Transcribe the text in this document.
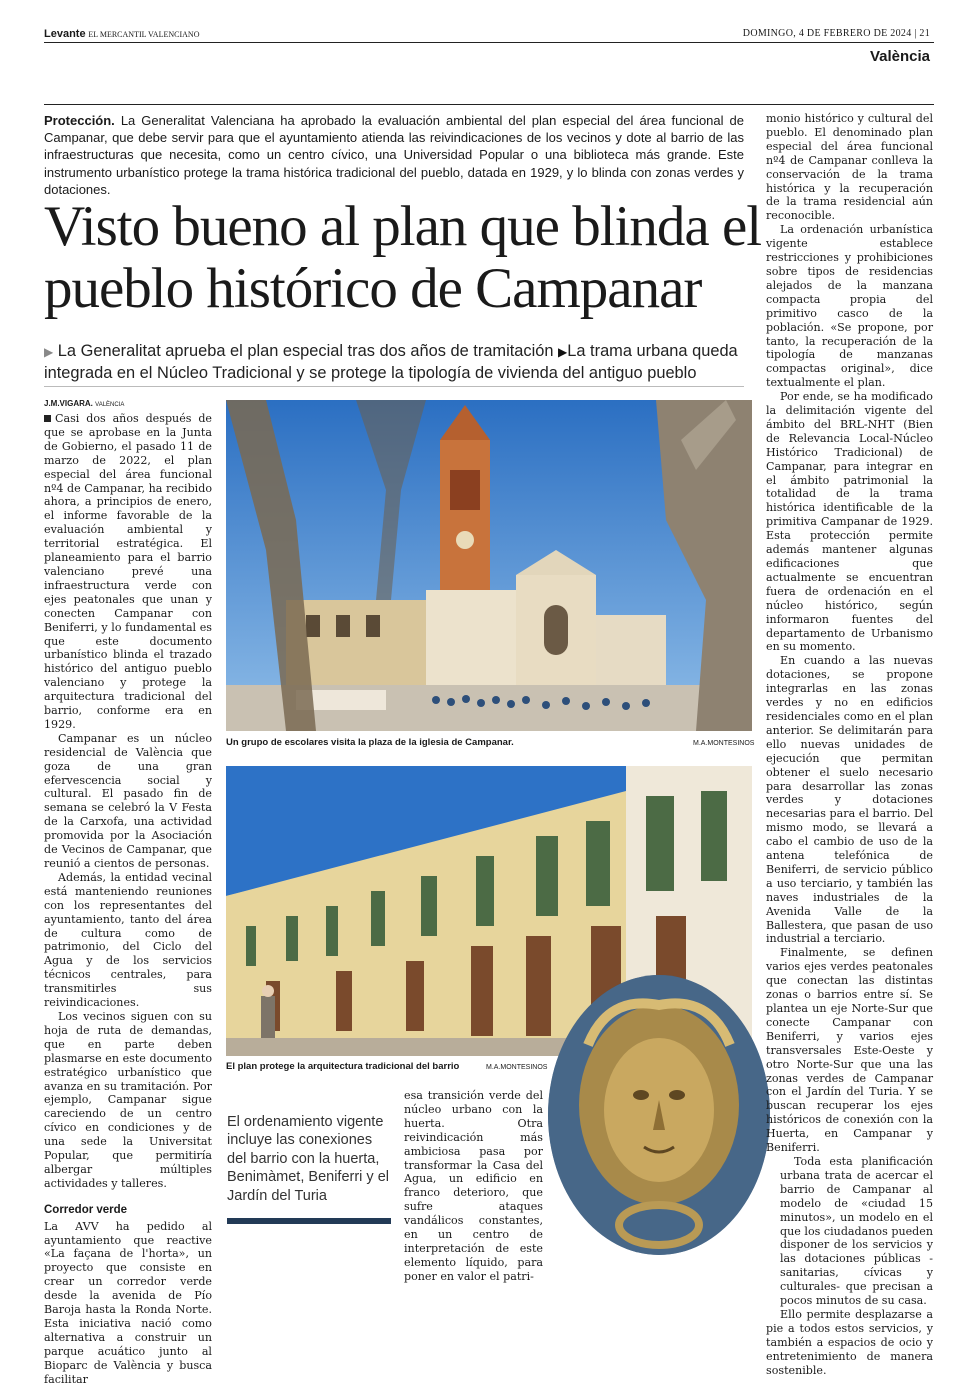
Levante EL MERCANTIL VALENCIANO	DOMINGO, 4 DE FEBRERO DE 2024 | 21
València
Protección. La Generalitat Valenciana ha aprobado la evaluación ambiental del plan especial del área funcional de Campanar, que debe servir para que el ayuntamiento atienda las reivindicaciones de los vecinos y dote al barrio de las infraestructuras que necesita, como un centro cívico, una Universidad Popular o una biblioteca más grande. Este instrumento urbanístico protege la trama histórica tradicional del pueblo, datada en 1929, y lo blinda con zonas verdes y dotaciones.
Visto bueno al plan que blinda el pueblo histórico de Campanar
▶ La Generalitat aprueba el plan especial tras dos años de tramitación ▶La trama urbana queda integrada en el Núcleo Tradicional y se protege la tipología de vivienda del antiguo pueblo
J.M.VIGARA. VALÈNCIA

Casi dos años después de que se aprobase en la Junta de Gobierno, el pasado 11 de marzo de 2022, el plan especial del área funcional nº4 de Campanar, ha recibido ahora, a principios de enero, el informe favorable de la evaluación ambiental y territorial estratégica. El planeamiento para el barrio valenciano prevé una infraestructura verde con ejes peatonales que unan y conecten Campanar con Beniferri, y lo fundamental es que este documento urbanístico blinda el trazado histórico del antiguo pueblo valenciano y protege la arquitectura tradicional del barrio, conforme era en 1929.

Campanar es un núcleo residencial de València que goza de una gran efervescencia social y cultural. El pasado fin de semana se celebró la V Festa de la Carxofa, una actividad promovida por la Asociación de Vecinos de Campanar, que reunió a cientos de personas.

Además, la entidad vecinal está manteniendo reuniones con los representantes del ayuntamiento, tanto del área de cultura como de patrimonio, del Ciclo del Agua y de los servicios técnicos centrales, para transmitirles sus reivindicaciones.

Los vecinos siguen con su hoja de ruta de demandas, que en parte deben plasmarse en este documento estratégico urbanístico que avanza en su tramitación. Por ejemplo, Campanar sigue careciendo de un centro cívico en condiciones y de una sede la Universitat Popular, que permitiría albergar múltiples actividades y talleres.

Corredor verde

La AVV ha pedido al ayuntamiento que reactive «La façana de l'horta», un proyecto que consiste en crear un corredor verde desde la avenida de Pío Baroja hasta la Ronda Norte. Esta iniciativa nació como alternativa a construir un parque acuático junto al Bioparc de València y busca facilitar

Un grupo de escolares visita la plaza de la iglesia de Campanar.	M.A.MONTESINOS
El plan protege la arquitectura tradicional del barrio	M.A.MONTESINOS
El ordenamiento vigente incluye las conexiones del barrio con la huerta, Benimàmet, Beniferri y el Jardín del Turia

esa transición verde del núcleo urbano con la huerta. Otra reivindicación más ambiciosa pasa por transformar la Casa del Agua, un edificio en franco deterioro, que sufre ataques vandálicos constantes, en un centro de interpretación de este elemento líquido, para poner en valor el patri-

monio histórico y cultural del pueblo. El denominado plan especial del área funcional nº4 de Campanar conlleva la conservación de la trama histórica y la recuperación de la trama residencial aún reconocible.

La ordenación urbanística vigente establece restricciones y prohibiciones sobre tipos de residencias alejados de la manzana compacta propia del primitivo casco de la población. «Se propone, por tanto, la recuperación de la tipología de manzanas compactas original», dice textualmente el plan.

Por ende, se ha modificado la delimitación vigente del ámbito del BRL-NHT (Bien de Relevancia Local-Núcleo Histórico Tradicional) de Campanar, para integrar en el ámbito patrimonial la totalidad de la trama histórica identificable de la primitiva Campanar de 1929. Esta protección permite además mantener algunas edificaciones que actualmente se encuentran fuera de ordenación en el núcleo histórico, según informaron fuentes del departamento de Urbanismo en su momento.

En cuando a las nuevas dotaciones, se propone integrarlas en las zonas verdes y no en edificios residenciales como en el plan anterior. Se delimitarán para ello nuevas unidades de ejecución que permitan obtener el suelo necesario para desarrollar las zonas verdes y dotaciones necesarias para el barrio. Del mismo modo, se llevará a cabo el cambio de uso de la antena telefónica de Beniferri, de servicio público a uso terciario, y también las naves industriales de la Avenida Valle de la Ballestera, que pasan de uso industrial a terciario.

Finalmente, se definen varios ejes verdes peatonales que conectan las distintas zonas o barrios entre sí. Se plantea un eje Norte-Sur que conecte Campanar con Beniferri, y varios ejes transversales Este-Oeste y otro Norte-Sur que una las zonas verdes de Campanar con el Jardín del Turia. Y se buscan recuperar los ejes históricos de conexión con la Huerta, en Campanar y Beniferri.

Toda esta planificación urbana trata de acercar el barrio de Campanar al modelo de «ciudad 15 minutos», un modelo en el que los ciudadanos pueden disponer de los servicios y las dotaciones públicas -sanitarias, cívicas y culturales- que precisan a pocos minutos de su casa.

Ello permite desplazarse a pie a todos estos servicios, y también a espacios de ocio y entretenimiento de manera sostenible.
